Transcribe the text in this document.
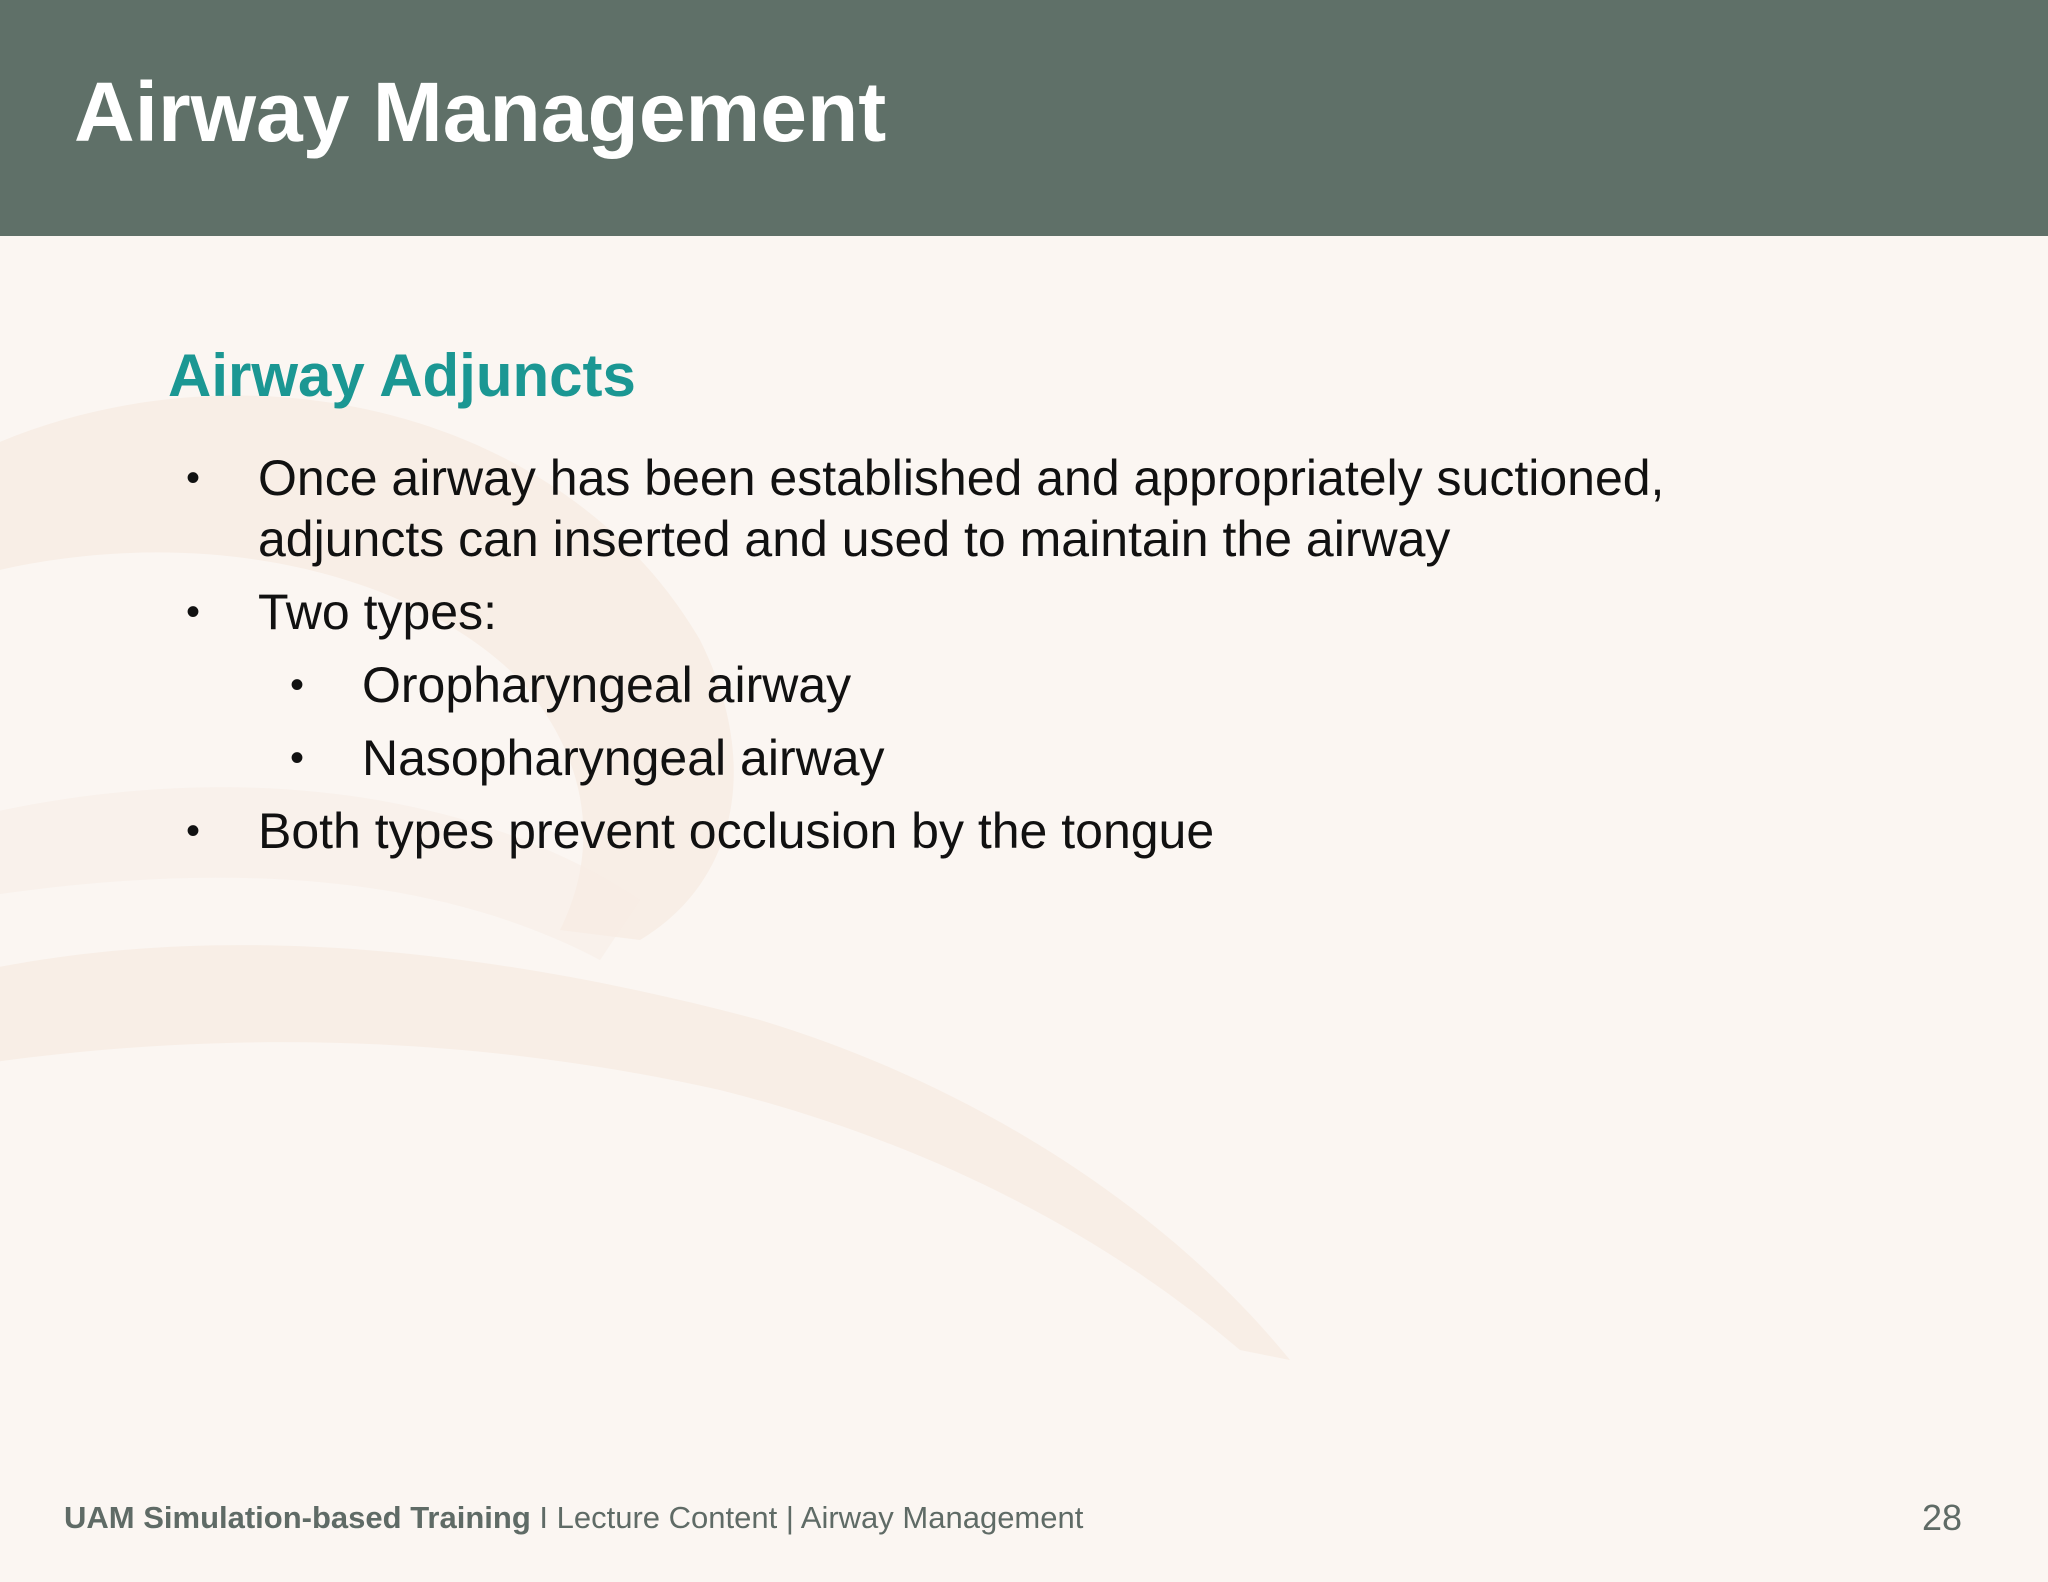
Airway Management
Airway Adjuncts
• Once airway has been established and appropriately suctioned,
adjuncts can inserted and used to maintain the airway
• Two types:
• Oropharyngeal airway
• Nasopharyngeal airway
• Both types prevent occlusion by the tongue
UAM Simulation-based Training I Lecture Content | Airway Management	28
